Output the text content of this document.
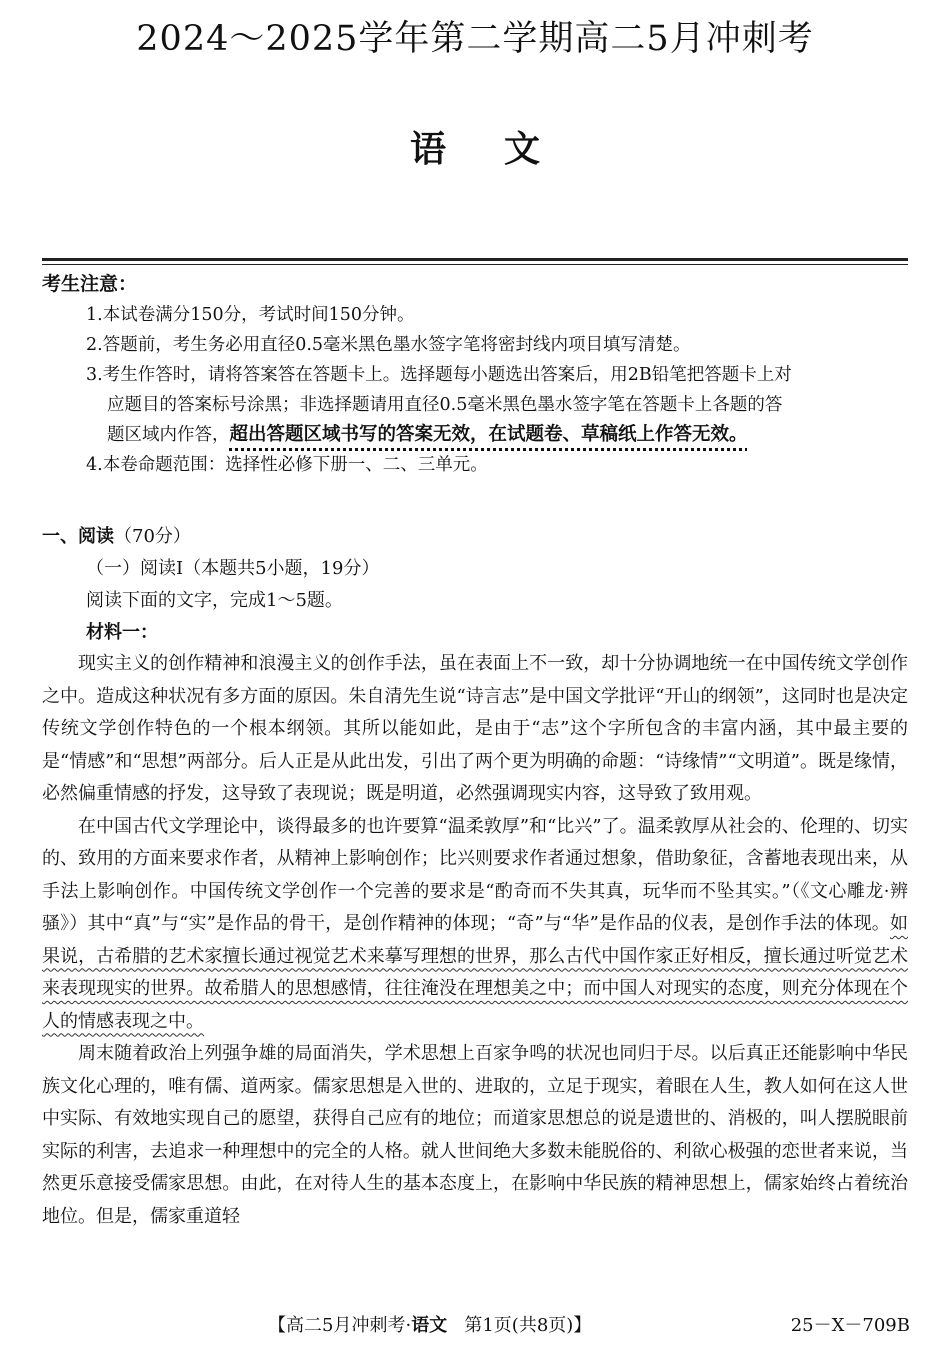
2024～2025学年第二学期高二5月冲刺考
语文
考生注意：
1.本试卷满分150分，考试时间150分钟。
2.答题前，考生务必用直径0.5毫米黑色墨水签字笔将密封线内项目填写清楚。
3.考生作答时，请将答案答在答题卡上。选择题每小题选出答案后，用2B铅笔把答题卡上对
应题目的答案标号涂黑；非选择题请用直径0.5毫米黑色墨水签字笔在答题卡上各题的答
题区域内作答，超出答题区域书写的答案无效，在试题卷、草稿纸上作答无效。
4.本卷命题范围：选择性必修下册一、二、三单元。
一、阅读（70分）
（一）阅读Ⅰ（本题共5小题，19分）
阅读下面的文字，完成1～5题。
材料一：

现实主义的创作精神和浪漫主义的创作手法，虽在表面上不一致，却十分协调地统一在中国传统文学创作之中。造成这种状况有多方面的原因。朱自清先生说“诗言志”是中国文学批评“开山的纲领”，这同时也是决定传统文学创作特色的一个根本纲领。其所以能如此，是由于“志”这个字所包含的丰富内涵，其中最主要的是“情感”和“思想”两部分。后人正是从此出发，引出了两个更为明确的命题：“诗缘情”“文明道”。既是缘情，必然偏重情感的抒发，这导致了表现说；既是明道，必然强调现实内容，这导致了致用观。

在中国古代文学理论中，谈得最多的也许要算“温柔敦厚”和“比兴”了。温柔敦厚从社会的、伦理的、切实的、致用的方面来要求作者，从精神上影响创作；比兴则要求作者通过想象，借助象征，含蓄地表现出来，从手法上影响创作。中国传统文学创作一个完善的要求是“酌奇而不失其真，玩华而不坠其实。”（《文心雕龙·辨骚》）其中“真”与“实”是作品的骨干，是创作精神的体现；“奇”与“华”是作品的仪表，是创作手法的体现。如果说，古希腊的艺术家擅长通过视觉艺术来摹写理想的世界，那么古代中国作家正好相反，擅长通过听觉艺术来表现现实的世界。故希腊人的思想感情，往往淹没在理想美之中；而中国人对现实的态度，则充分体现在个人的情感表现之中。

周末随着政治上列强争雄的局面消失，学术思想上百家争鸣的状况也同归于尽。以后真正还能影响中华民族文化心理的，唯有儒、道两家。儒家思想是入世的、进取的，立足于现实，着眼在人生，教人如何在这人世中实际、有效地实现自己的愿望，获得自己应有的地位；而道家思想总的说是遗世的、消极的，叫人摆脱眼前实际的利害，去追求一种理想中的完全的人格。就人世间绝大多数未能脱俗的、利欲心极强的恋世者来说，当然更乐意接受儒家思想。由此，在对待人生的基本态度上，在影响中华民族的精神思想上，儒家始终占着统治地位。但是，儒家重道轻

【高二5月冲刺考·语文 第1页(共8页)】	25－X－709B
